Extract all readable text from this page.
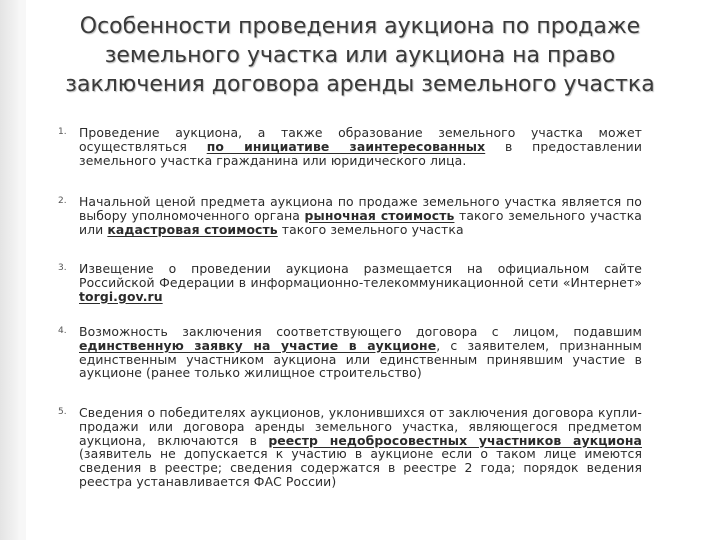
Особенности проведения аукциона по продаже земельного участка или аукциона на право заключения договора аренды земельного участка
1. Проведение аукциона, а также образование земельного участка может осуществляться по инициативе заинтересованных в предоставлении земельного участка гражданина или юридического лица.
2. Начальной ценой предмета аукциона по продаже земельного участка является по выбору уполномоченного органа рыночная стоимость такого земельного участка или кадастровая стоимость такого земельного участка
3. Извещение о проведении аукциона размещается на официальном сайте Российской Федерации в информационно-телекоммуникационной сети «Интернет» torgi.gov.ru
4. Возможность заключения соответствующего договора с лицом, подавшим единственную заявку на участие в аукционе, с заявителем, признанным единственным участником аукциона или единственным принявшим участие в аукционе (ранее только жилищное строительство)
5. Сведения о победителях аукционов, уклонившихся от заключения договора купли-продажи или договора аренды земельного участка, являющегося предметом аукциона, включаются в реестр недобросовестных участников аукциона (заявитель не допускается к участию в аукционе если о таком лице имеются сведения в реестре; сведения содержатся в реестре 2 года; порядок ведения реестра устанавливается ФАС России)
